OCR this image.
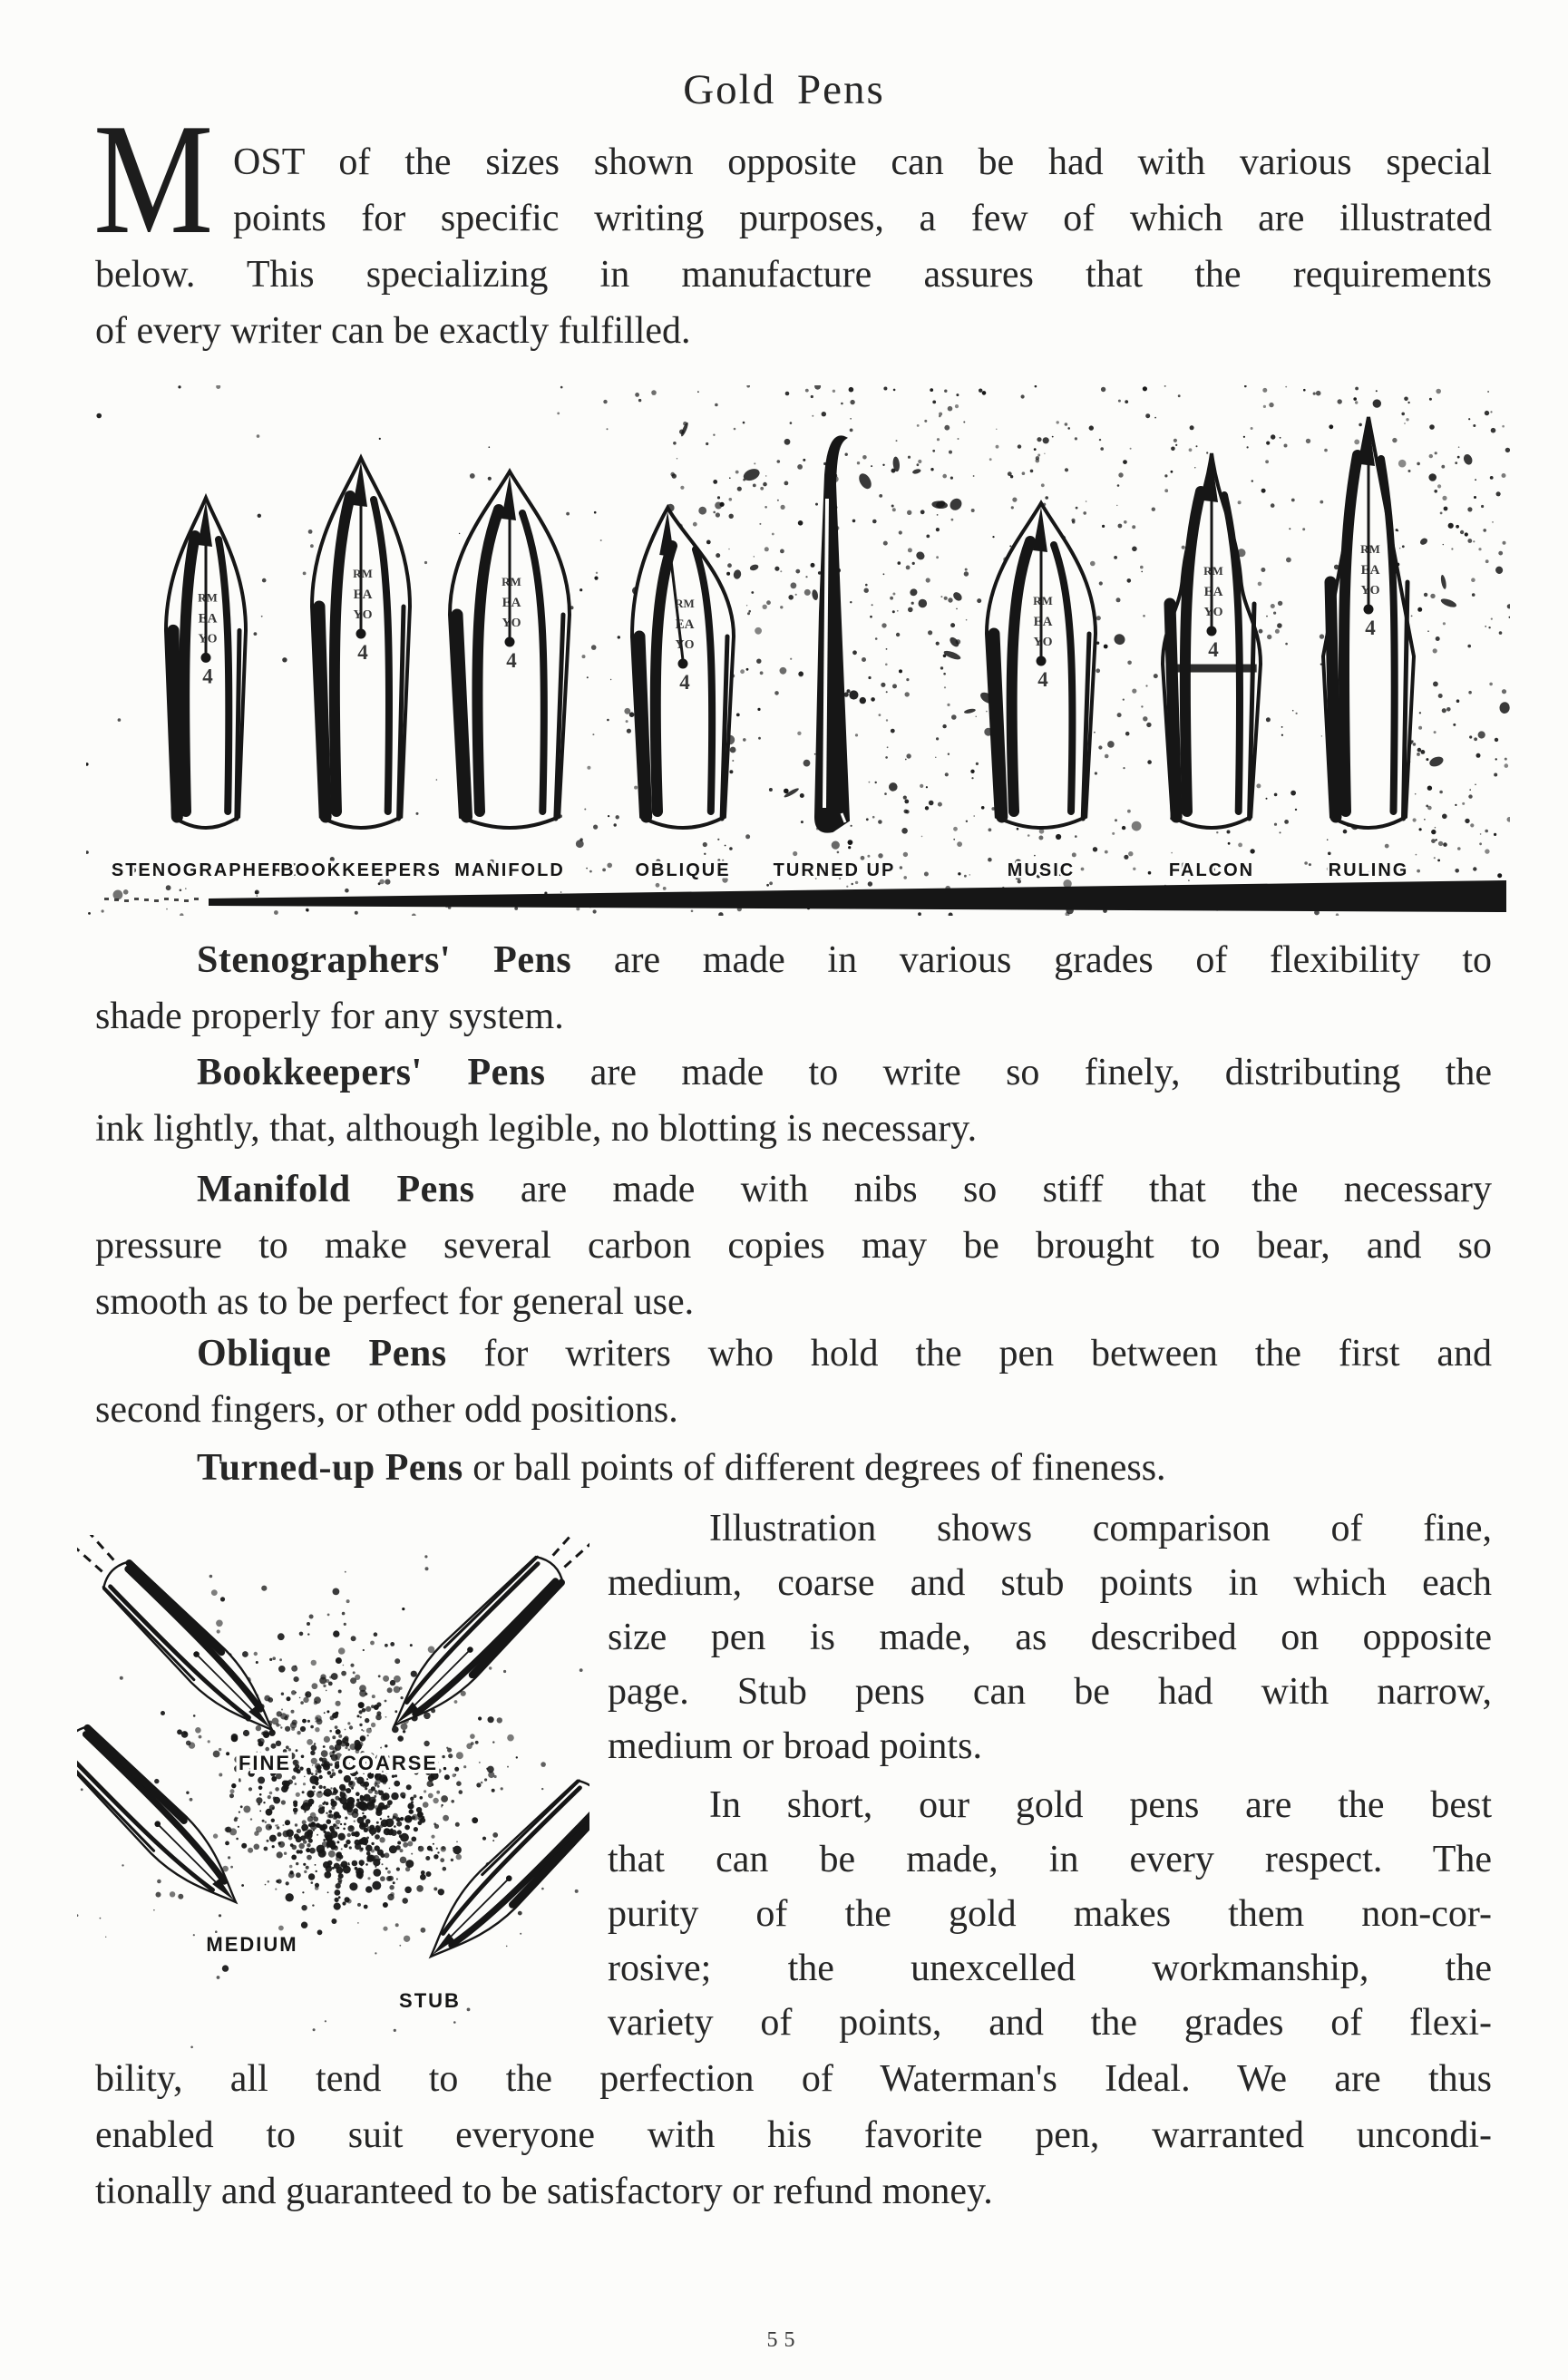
Gold Pens
M OST of the sizes shown opposite can be had with various special
points for specific writing purposes, a few of which are illustrated
below. This specializing in manufacture assures that the requirements
of every writer can be exactly fulfilled.
RM
EA
YO
4
RM
EA
YO
4
RM
EA
YO
4
RM
EA
YO
4
RM
EA
YO
4
RM
EA
YO
4
RM
EA
YO
4
STENOGRAPHERS
BOOKKEEPERS MANIFOLD	OBLIQUE TURNED UP	MUSIC	FALCON	RULING
Stenographers' Pens are made in various grades of flexibility to
shade properly for any system.
Bookkeepers' Pens are made to write so finely, distributing the
ink lightly, that, although legible, no blotting is necessary.
Manifold Pens are made with nibs so stiff that the necessary
pressure to make several carbon copies may be brought to bear, and so
smooth as to be perfect for general use.
Oblique Pens for writers who hold the pen between the first and
second fingers, or other odd positions.
Turned-up Pens or ball points of different degrees of fineness.
FINE	COARSE
MEDIUM
STUB
Illustration shows comparison of fine,
medium, coarse and stub points in which each
size pen is made, as described on opposite
page. Stub pens can be had with narrow,
medium or broad points.
In short, our gold pens are the best
that can be made, in every respect. The
purity of the gold makes them non-cor-
rosive; the unexcelled workmanship, the
variety of points, and the grades of flexi-
bility, all tend to the perfection of Waterman's Ideal. We are thus
enabled to suit everyone with his favorite pen, warranted uncondi-
tionally and guaranteed to be satisfactory or refund money.
55
